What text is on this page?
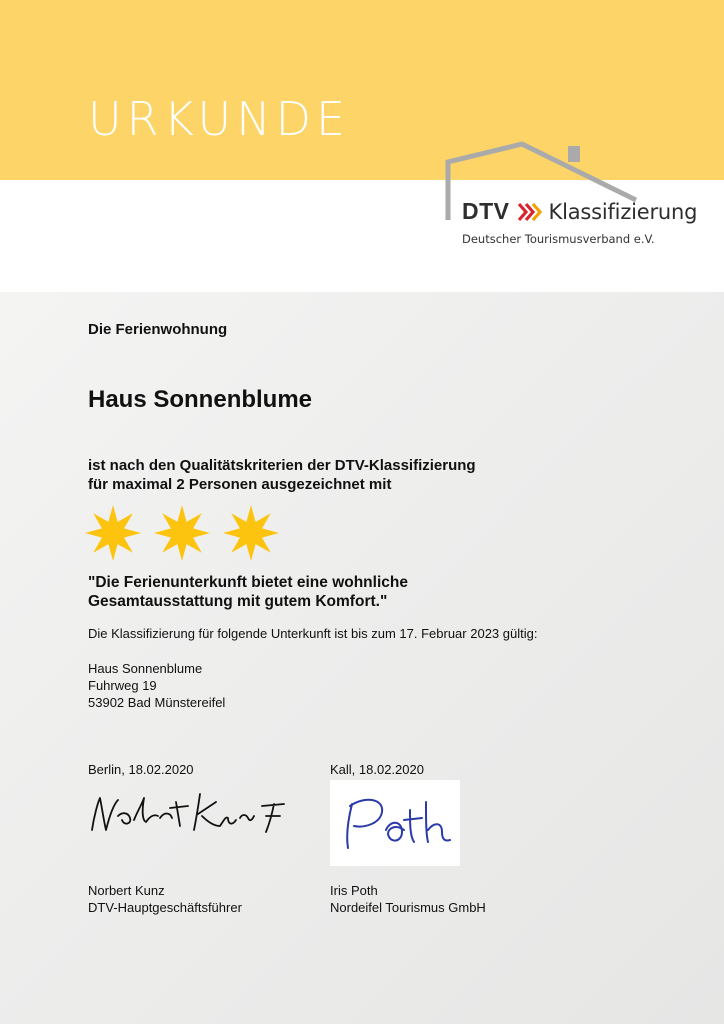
URKUNDE
DTV Klassifizierung
Deutscher Tourismusverband e.V.
Die Ferienwohnung
Haus Sonnenblume
ist nach den Qualitätskriterien der DTV-Klassifizierung
für maximal 2 Personen ausgezeichnet mit
"Die Ferienunterkunft bietet eine wohnliche
Gesamtausstattung mit gutem Komfort."
Die Klassifizierung für folgende Unterkunft ist bis zum 17. Februar 2023 gültig:
Haus Sonnenblume
Fuhrweg 19
53902 Bad Münstereifel
Berlin, 18.02.2020	Kall, 18.02.2020
Norbert Kunz
DTV-Hauptgeschäftsführer
Iris Poth
Nordeifel Tourismus GmbH
